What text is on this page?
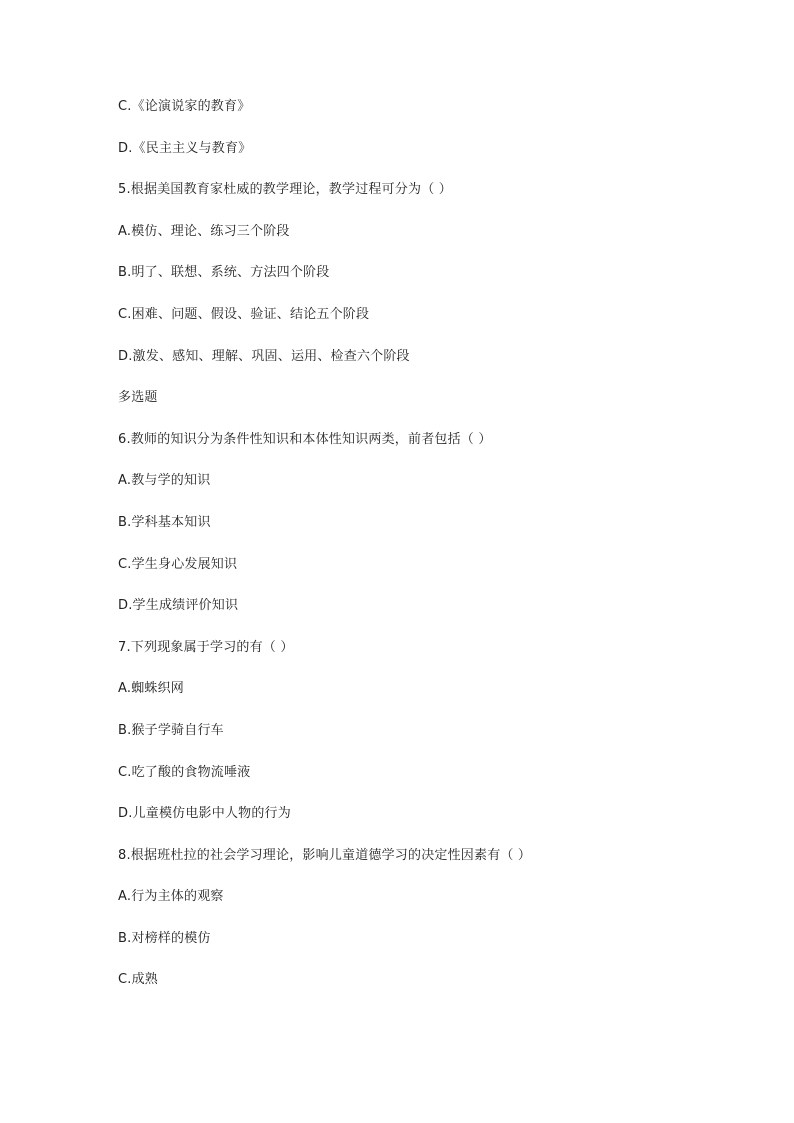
C.《论演说家的教育》
D.《民主主义与教育》
5.根据美国教育家杜威的教学理论，教学过程可分为（ ）
A.模仿、理论、练习三个阶段
B.明了、联想、系统、方法四个阶段
C.困难、问题、假设、验证、结论五个阶段
D.激发、感知、理解、巩固、运用、检查六个阶段
多选题
6.教师的知识分为条件性知识和本体性知识两类，前者包括（ ）
A.教与学的知识
B.学科基本知识
C.学生身心发展知识
D.学生成绩评价知识
7.下列现象属于学习的有（ ）
A.蜘蛛织网
B.猴子学骑自行车
C.吃了酸的食物流唾液
D.儿童模仿电影中人物的行为
8.根据班杜拉的社会学习理论，影响儿童道德学习的决定性因素有（ ）
A.行为主体的观察
B.对榜样的模仿
C.成熟
